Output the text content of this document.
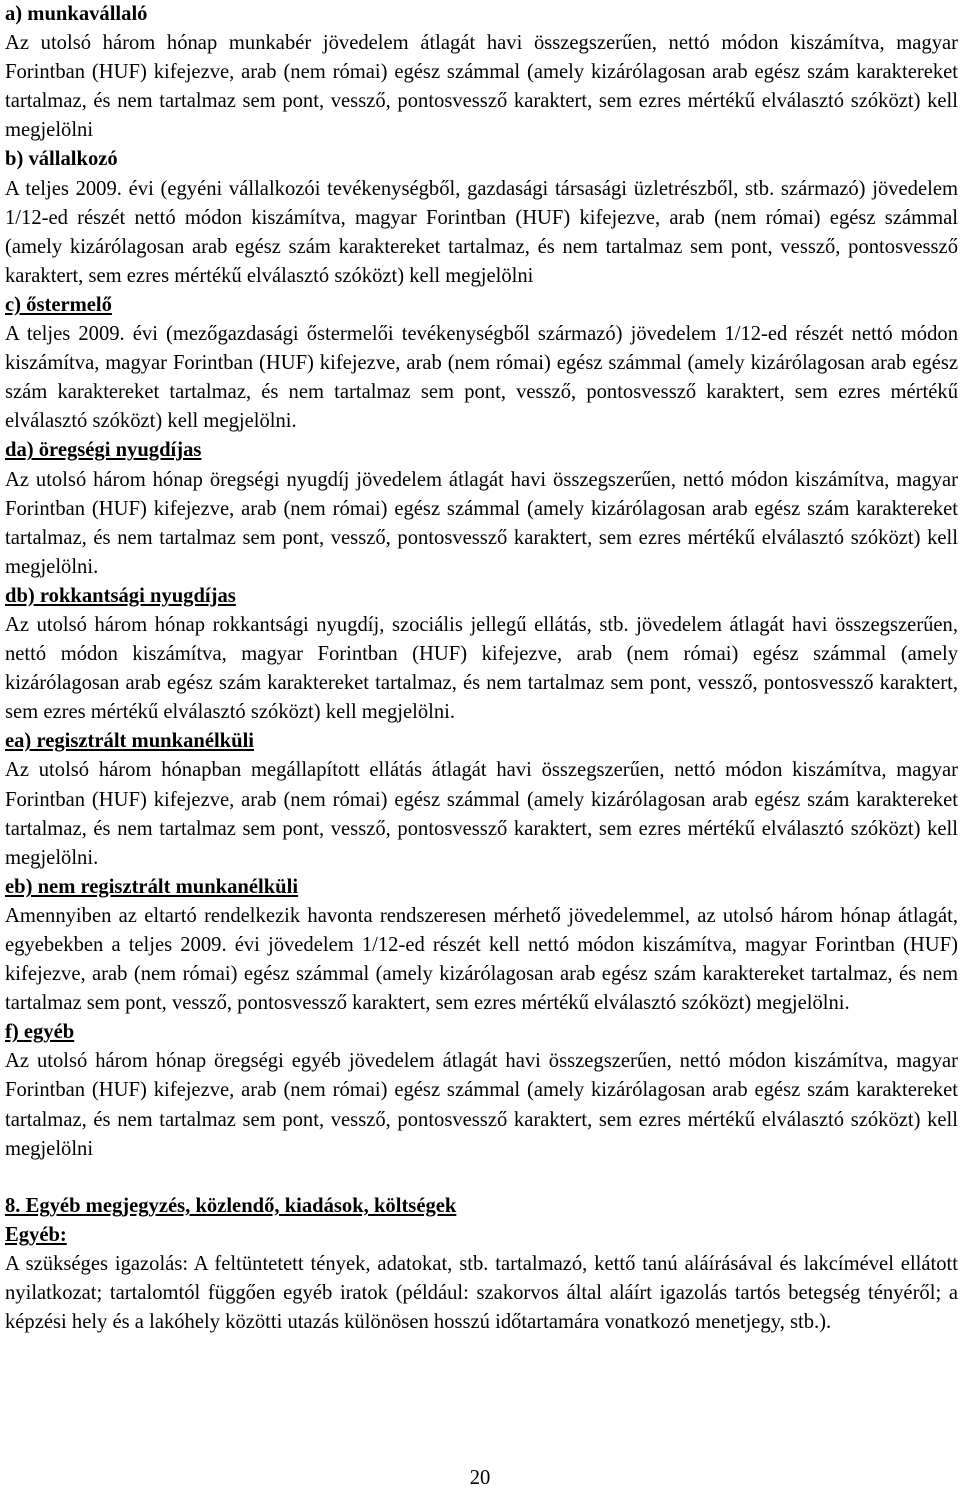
a) munkavállaló

Az utolsó három hónap munkabér jövedelem átlagát havi összegszerűen, nettó módon kiszámítva, magyar Forintban (HUF) kifejezve, arab (nem római) egész számmal (amely kizárólagosan arab egész szám karaktereket tartalmaz, és nem tartalmaz sem pont, vessző, pontosvessző karaktert, sem ezres mértékű elválasztó szóközt) kell megjelölni

b) vállalkozó

A teljes 2009. évi (egyéni vállalkozói tevékenységből, gazdasági társasági üzletrészből, stb. származó) jövedelem 1/12-ed részét nettó módon kiszámítva, magyar Forintban (HUF) kifejezve, arab (nem római) egész számmal (amely kizárólagosan arab egész szám karaktereket tartalmaz, és nem tartalmaz sem pont, vessző, pontosvessző karaktert, sem ezres mértékű elválasztó szóközt) kell megjelölni

c) őstermelő

A teljes 2009. évi (mezőgazdasági őstermelői tevékenységből származó) jövedelem 1/12-ed részét nettó módon kiszámítva, magyar Forintban (HUF) kifejezve, arab (nem római) egész számmal (amely kizárólagosan arab egész szám karaktereket tartalmaz, és nem tartalmaz sem pont, vessző, pontosvessző karaktert, sem ezres mértékű elválasztó szóközt) kell megjelölni.

da) öregségi nyugdíjas

Az utolsó három hónap öregségi nyugdíj jövedelem átlagát havi összegszerűen, nettó módon kiszámítva, magyar Forintban (HUF) kifejezve, arab (nem római) egész számmal (amely kizárólagosan arab egész szám karaktereket tartalmaz, és nem tartalmaz sem pont, vessző, pontosvessző karaktert, sem ezres mértékű elválasztó szóközt) kell megjelölni.

db) rokkantsági nyugdíjas

Az utolsó három hónap rokkantsági nyugdíj, szociális jellegű ellátás, stb. jövedelem átlagát havi összegszerűen, nettó módon kiszámítva, magyar Forintban (HUF) kifejezve, arab (nem római) egész számmal (amely kizárólagosan arab egész szám karaktereket tartalmaz, és nem tartalmaz sem pont, vessző, pontosvessző karaktert, sem ezres mértékű elválasztó szóközt) kell megjelölni.

ea) regisztrált munkanélküli

Az utolsó három hónapban megállapított ellátás átlagát havi összegszerűen, nettó módon kiszámítva, magyar Forintban (HUF) kifejezve, arab (nem római) egész számmal (amely kizárólagosan arab egész szám karaktereket tartalmaz, és nem tartalmaz sem pont, vessző, pontosvessző karaktert, sem ezres mértékű elválasztó szóközt) kell megjelölni.

eb) nem regisztrált munkanélküli

Amennyiben az eltartó rendelkezik havonta rendszeresen mérhető jövedelemmel, az utolsó három hónap átlagát, egyebekben a teljes 2009. évi jövedelem 1/12-ed részét kell nettó módon kiszámítva, magyar Forintban (HUF) kifejezve, arab (nem római) egész számmal (amely kizárólagosan arab egész szám karaktereket tartalmaz, és nem tartalmaz sem pont, vessző, pontosvessző karaktert, sem ezres mértékű elválasztó szóközt) megjelölni.

f) egyéb

Az utolsó három hónap öregségi egyéb jövedelem átlagát havi összegszerűen, nettó módon kiszámítva, magyar Forintban (HUF) kifejezve, arab (nem római) egész számmal (amely kizárólagosan arab egész szám karaktereket tartalmaz, és nem tartalmaz sem pont, vessző, pontosvessző karaktert, sem ezres mértékű elválasztó szóközt) kell megjelölni

8. Egyéb megjegyzés, közlendő, kiadások, költségek

Egyéb:

A szükséges igazolás: A feltüntetett tények, adatokat, stb. tartalmazó, kettő tanú aláírásával és lakcímével ellátott nyilatkozat; tartalomtól függően egyéb iratok (például: szakorvos által aláírt igazolás tartós betegség tényéről; a képzési hely és a lakóhely közötti utazás különösen hosszú időtartamára vonatkozó menetjegy, stb.).

20
